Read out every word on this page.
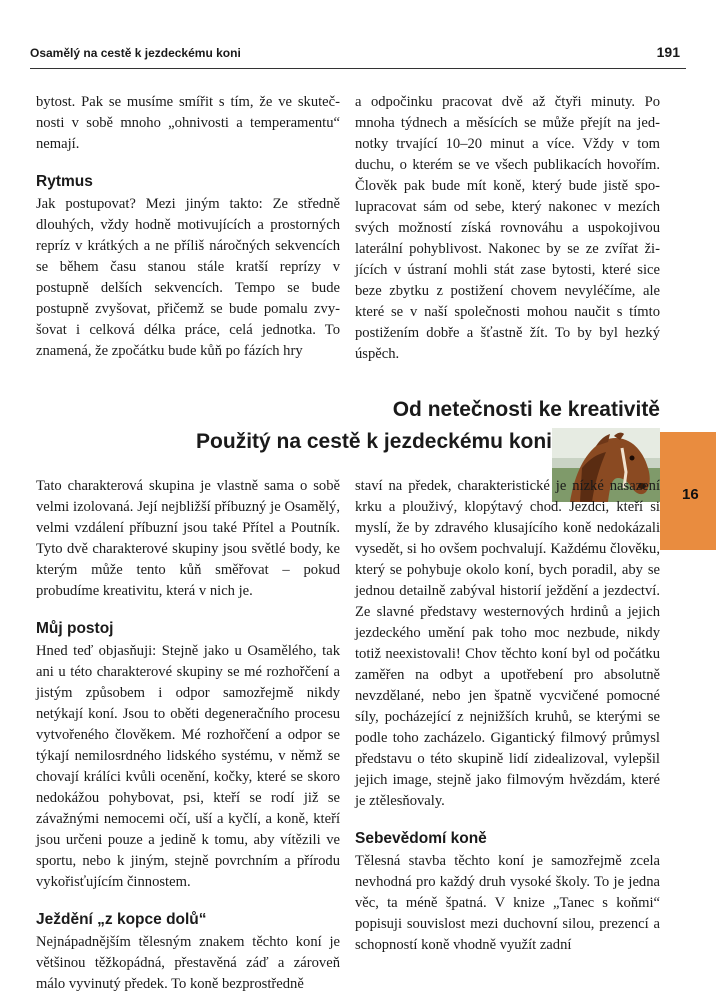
Osamělý na cestě k jezdeckému koni	191

bytost. Pak se musíme smířit s tím, že ve skutečnosti v sobě mnoho „ohnivosti a temperamentu“ nemají.

Rytmus

Jak postupovat? Mezi jiným takto: Ze středně dlouhých, vždy hodně motivujících a prostorných repríz v krátkých a ne příliš náročných sekvencích se během času stanou stále kratší reprízy v postupně delších sekvencích. Tempo se bude postupně zvyšovat, přičemž se bude pomalu zvyšovat i celková délka práce, celá jednotka. To znamená, že zpočátku bude kůň po fázích hry

a odpočinku pracovat dvě až čtyři minuty. Po mnoha týdnech a měsících se může přejít na jednotky trvající 10–20 minut a více. Vždy v tom duchu, o kterém se ve všech publikacích hovořím. Člověk pak bude mít koně, který bude jistě spolupracovat sám od sebe, který nakonec v mezích svých možností získá rovnováhu a uspokojivou laterální pohyblivost. Nakonec by se ze zvířat žijících v ústraní mohli stát zase bytosti, které sice beze zbytku z postižení chovem nevyléčíme, ale které se v naší společnosti mohou naučit s tímto postižením dobře a šťastně žít. To by byl hezký úspěch.

Od netečnosti ke kreativitě
Použitý na cestě k jezdeckému koni
16

Tato charakterová skupina je vlastně sama o sobě velmi izolovaná. Její nejbližší příbuzný je Osamělý, velmi vzdálení příbuzní jsou také Přítel a Poutník. Tyto dvě charakterové skupiny jsou světlé body, ke kterým může tento kůň směřovat – pokud probudíme kreativitu, která v nich je.

Můj postoj

Hned teď objasňuji: Stejně jako u Osamělého, tak ani u této charakterové skupiny se mé rozhořčení a jistým způsobem i odpor samozřejmě nikdy netýkají koní. Jsou to oběti degeneračního procesu vytvořeného člověkem. Mé rozhořčení a odpor se týkají nemilosrdného lidského systému, v němž se chovají králíci kvůli ocenění, kočky, které se skoro nedokážou pohybovat, psi, kteří se rodí již se závažnými nemocemi očí, uší a kyčlí, a koně, kteří jsou určeni pouze a jedině k tomu, aby vítězili ve sportu, nebo k jiným, stejně povrchním a přírodu vykořisťujícím činnostem.

Ježdění „z kopce dolů“

Nejnápadnějším tělesným znakem těchto koní je většinou těžkopádná, přestavěná záď a zároveň málo vyvinutý předek. To koně bezprostředně

staví na předek, charakteristické je nízké nasazení krku a plouživý, klopýtavý chod. Jezdci, kteří si myslí, že by zdravého klusajícího koně nedokázali vysedět, si ho ovšem pochvalují. Každému člověku, který se pohybuje okolo koní, bych poradil, aby se jednou detailně zabýval historií ježdění a jezdectví. Ze slavné představy westernových hrdinů a jejich jezdeckého umění pak toho moc nezbude, nikdy totiž neexistovali! Chov těchto koní byl od počátku zaměřen na odbyt a upotřebení pro absolutně nevzdělané, nebo jen špatně vycvičené pomocné síly, pocházející z nejnižších kruhů, se kterými se podle toho zacházelo. Gigantický filmový průmysl představu o této skupině lidí zidealizoval, vylepšil jejich image, stejně jako filmovým hvězdám, které je ztělesňovaly.

Sebevědomí koně

Tělesná stavba těchto koní je samozřejmě zcela nevhodná pro každý druh vysoké školy. To je jedna věc, ta méně špatná. V knize „Tanec s koňmi“ popisuji souvislost mezi duchovní silou, prezencí a schopností koně vhodně využít zadní
